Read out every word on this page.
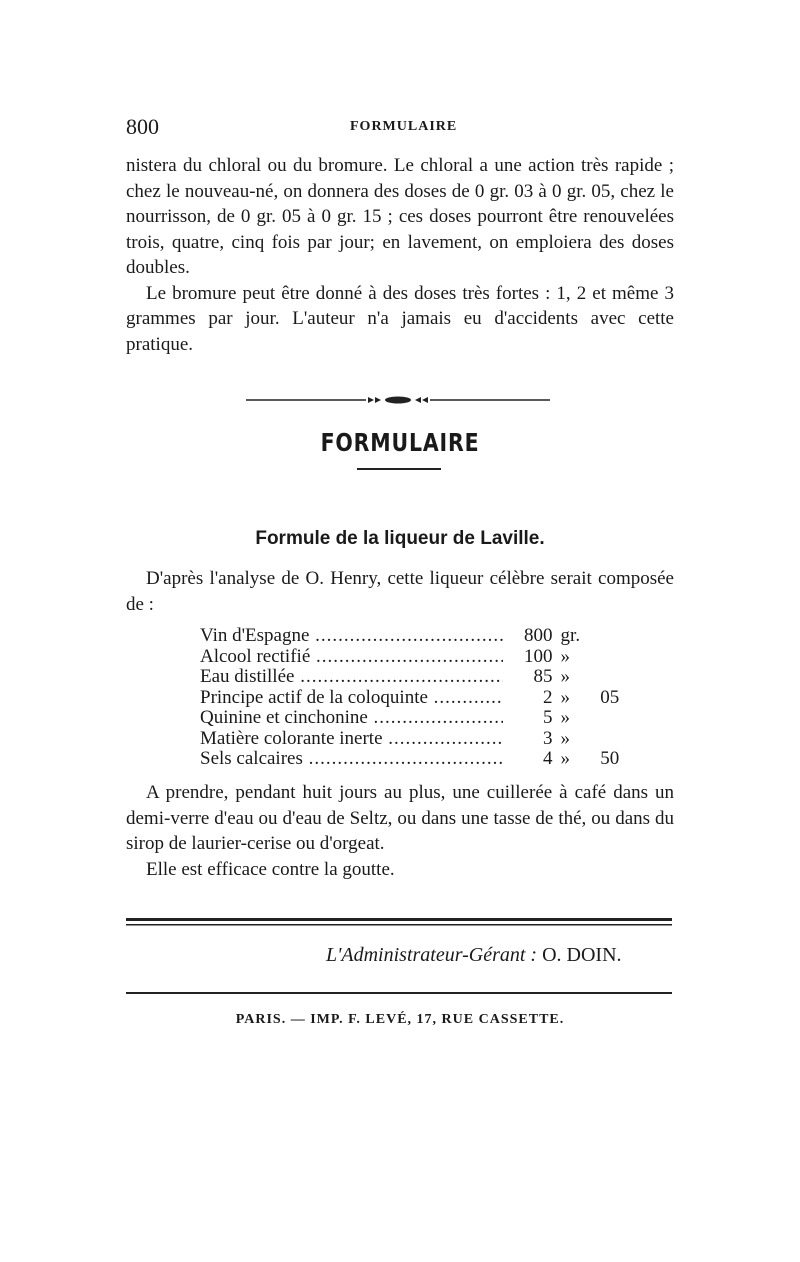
800	FORMULAIRE

nistera du chloral ou du bromure. Le chloral a une action très rapide ; chez le nouveau-né, on donnera des doses de 0 gr. 03 à 0 gr. 05, chez le nourrisson, de 0 gr. 05 à 0 gr. 15 ; ces doses pourront être renouvelées trois, quatre, cinq fois par jour; en lavement, on emploiera des doses doubles.

Le bromure peut être donné à des doses très fortes : 1, 2 et même 3 grammes par jour. L'auteur n'a jamais eu d'accidents avec cette pratique.

FORMULAIRE
Formule de la liqueur de Laville.

D'après l'analyse de O. Henry, cette liqueur célèbre serait composée de :

Vin d'Espagne .....	800 gr.
Alcool rectifié .....	100 »
Eau distillée .....	85 »
Principe actif de la coloquinte .....	2 »	05
Quinine et cinchonine .....	5 »
Matière colorante inerte .....	3 »
Sels calcaires .....	4 »	50

A prendre, pendant huit jours au plus, une cuillerée à café dans un demi-verre d'eau ou d'eau de Seltz, ou dans une tasse de thé, ou dans du sirop de laurier-cerise ou d'orgeat.

Elle est efficace contre la goutte.

L'Administrateur-Gérant : O. DOIN.
PARIS. — IMP. F. LEVÉ, 17, RUE CASSETTE.
